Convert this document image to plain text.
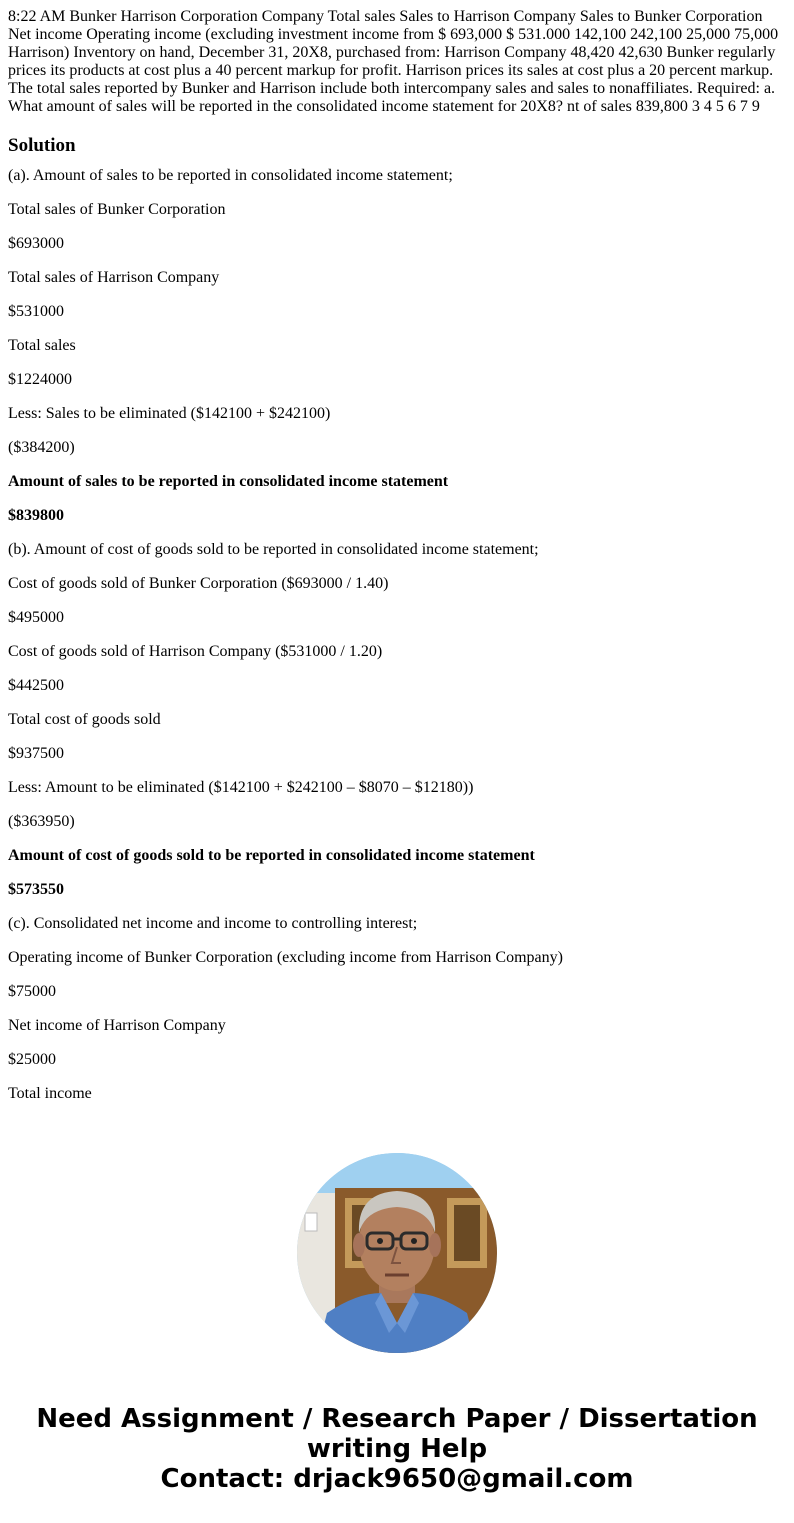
8:22 AM Bunker Harrison Corporation Company Total sales Sales to Harrison Company Sales to Bunker Corporation Net income Operating income (excluding investment income from $ 693,000 $ 531.000 142,100 242,100 25,000 75,000 Harrison) Inventory on hand, December 31, 20X8, purchased from: Harrison Company 48,420 42,630 Bunker regularly prices its products at cost plus a 40 percent markup for profit. Harrison prices its sales at cost plus a 20 percent markup. The total sales reported by Bunker and Harrison include both intercompany sales and sales to nonaffiliates. Required: a. What amount of sales will be reported in the consolidated income statement for 20X8? nt of sales 839,800 3 4 5 6 7 9

Solution

(a). Amount of sales to be reported in consolidated income statement;

Total sales of Bunker Corporation

$693000

Total sales of Harrison Company

$531000

Total sales

$1224000

Less: Sales to be eliminated ($142100 + $242100)

($384200)

Amount of sales to be reported in consolidated income statement

$839800

(b). Amount of cost of goods sold to be reported in consolidated income statement;

Cost of goods sold of Bunker Corporation ($693000 / 1.40)

$495000

Cost of goods sold of Harrison Company ($531000 / 1.20)

$442500

Total cost of goods sold

$937500

Less: Amount to be eliminated ($142100 + $242100 – $8070 – $12180))

($363950)

Amount of cost of goods sold to be reported in consolidated income statement

$573550

(c). Consolidated net income and income to controlling interest;

Operating income of Bunker Corporation (excluding income from Harrison Company)

$75000

Net income of Harrison Company

$25000

Total income

Need Assignment / Research Paper / Dissertation
writing Help
Contact: drjack9650@gmail.com
